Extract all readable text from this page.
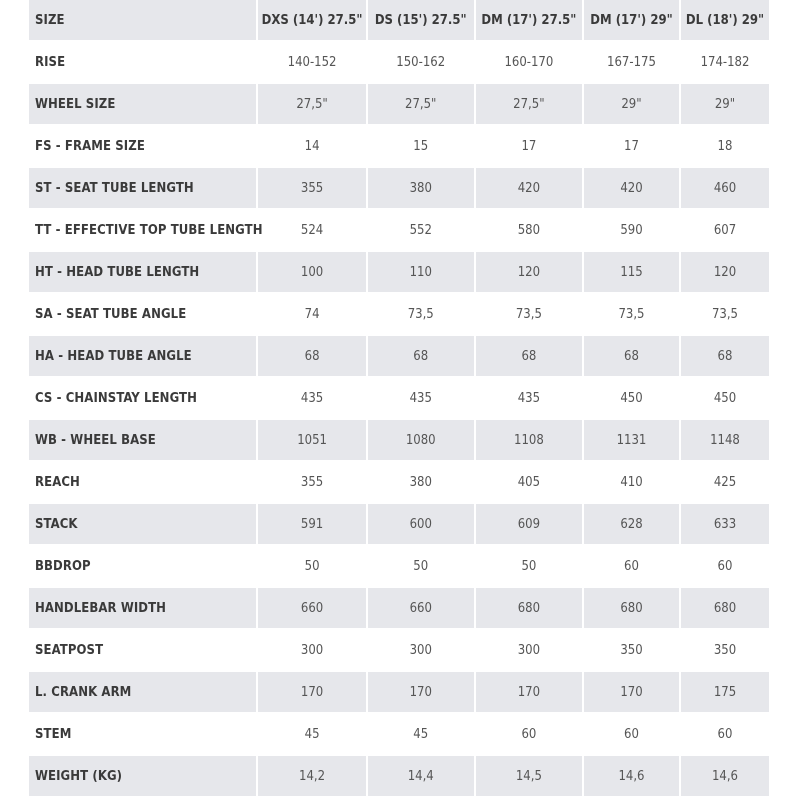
SIZE	DXS (14') 27.5"	DS (15') 27.5"	DM (17') 27.5"	DM (17') 29"	DL (18') 29"
RISE	140-152	150-162	160-170	167-175	174-182
WHEEL SIZE	27,5"	27,5"	27,5"	29"	29"
FS - FRAME SIZE	14	15	17	17	18
ST - SEAT TUBE LENGTH	355	380	420	420	460
TT - EFFECTIVE TOP TUBE LENGTH	524	552	580	590	607
HT - HEAD TUBE LENGTH	100	110	120	115	120
SA - SEAT TUBE ANGLE	74	73,5	73,5	73,5	73,5
HA - HEAD TUBE ANGLE	68	68	68	68	68
CS - CHAINSTAY LENGTH	435	435	435	450	450
WB - WHEEL BASE	1051	1080	1108	1131	1148
REACH	355	380	405	410	425
STACK	591	600	609	628	633
BBDROP	50	50	50	60	60
HANDLEBAR WIDTH	660	660	680	680	680
SEATPOST	300	300	300	350	350
L. CRANK ARM	170	170	170	170	175
STEM	45	45	60	60	60
WEIGHT (KG)	14,2	14,4	14,5	14,6	14,6
